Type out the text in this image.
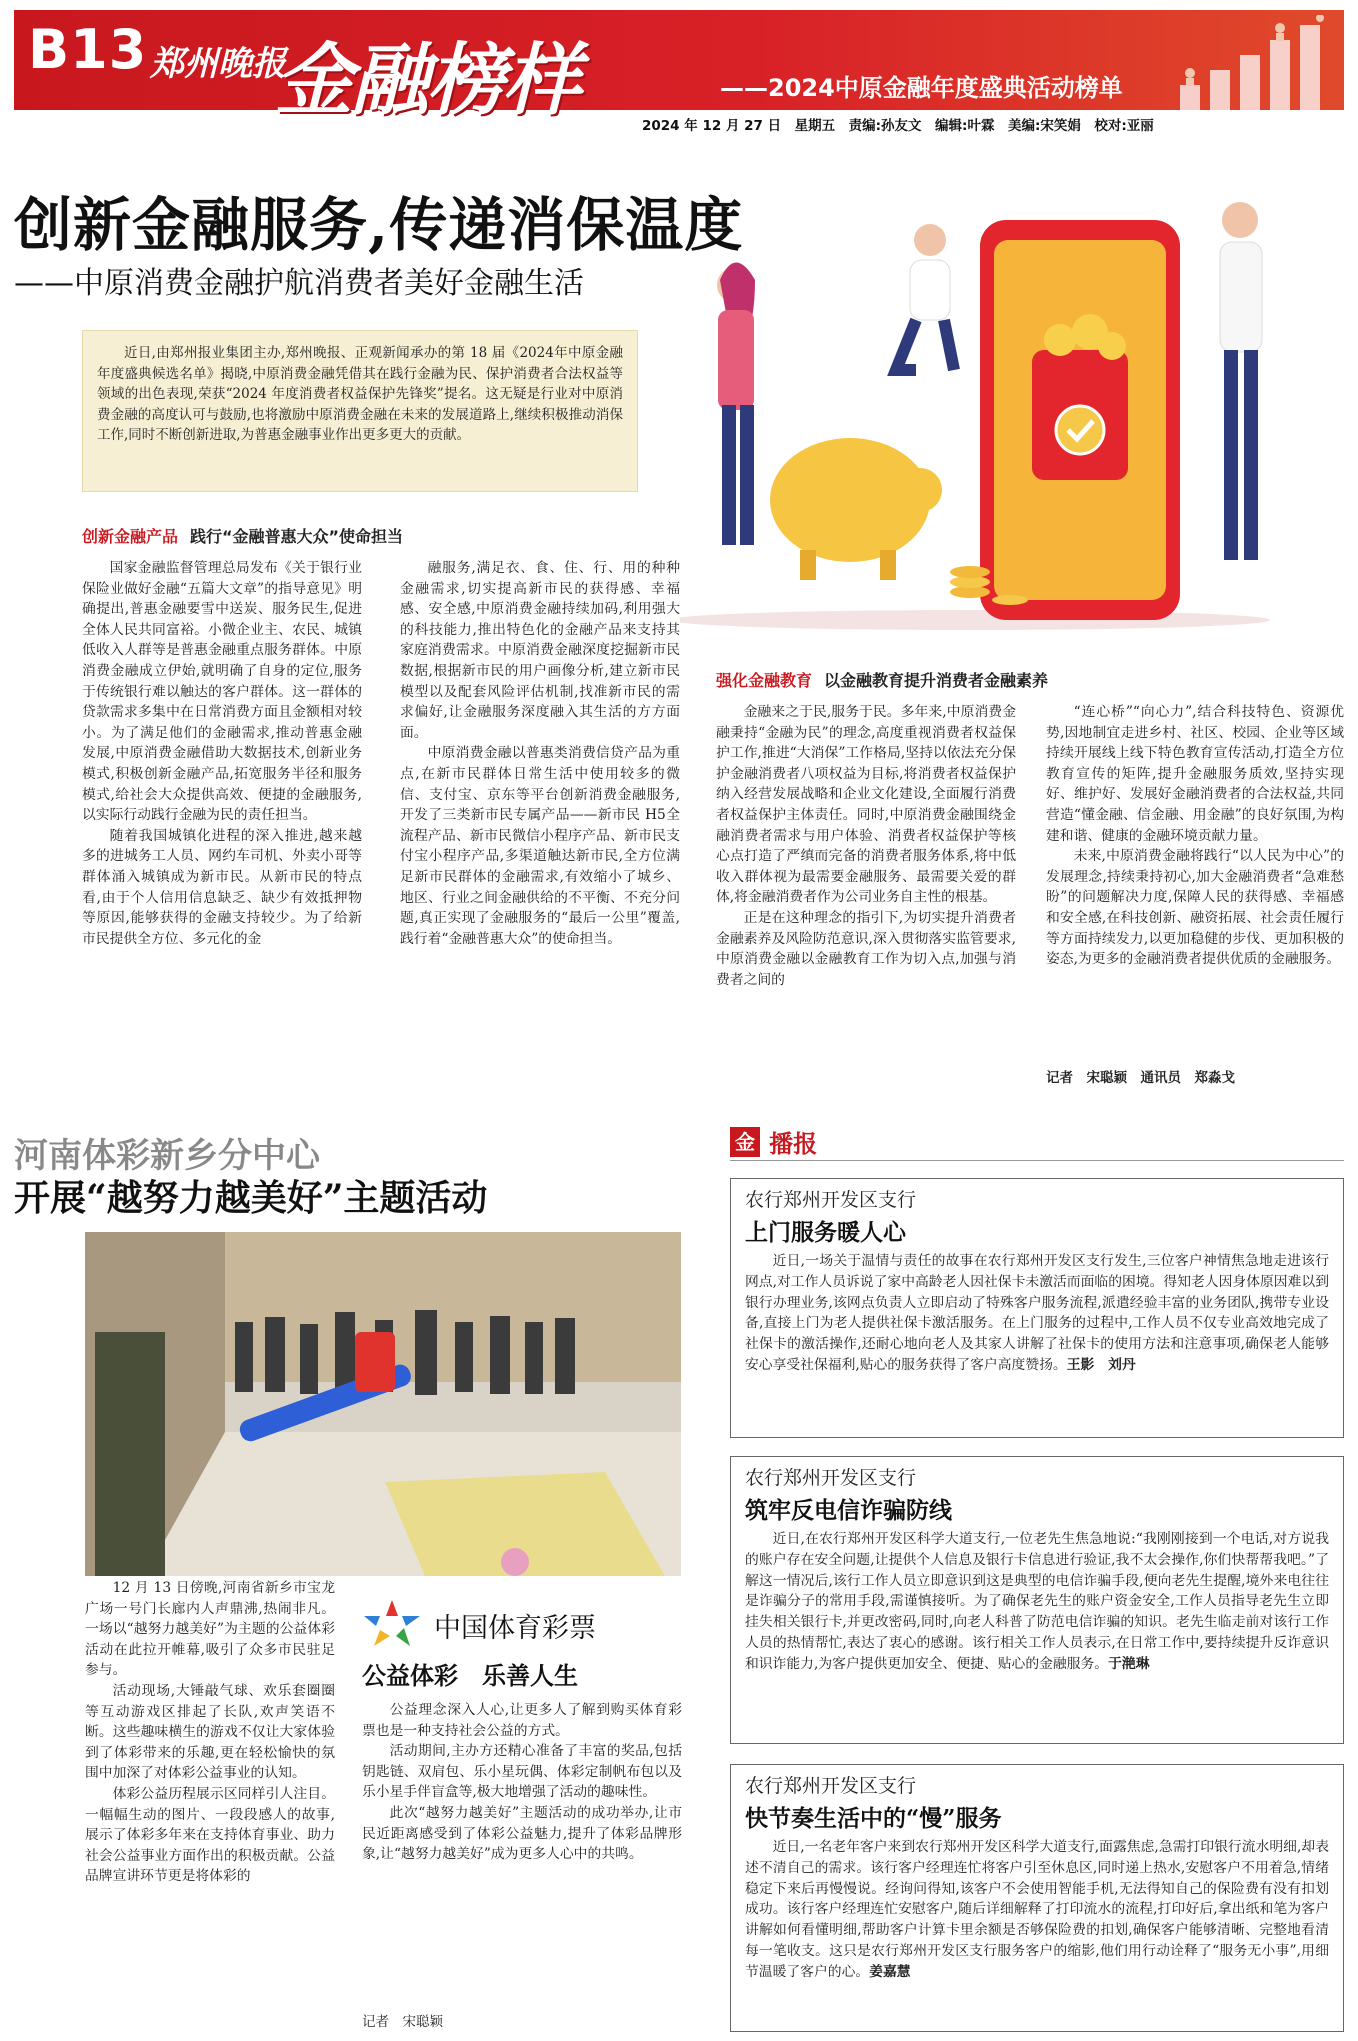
B13 郑州晚报
金融榜样	——2024中原金融年度盛典活动榜单
2024 年 12 月 27 日　星期五　责编:孙友文　编辑:叶霖　美编:宋笑娟　校对:亚丽
创新金融服务,传递消保温度
——中原消费金融护航消费者美好金融生活
近日,由郑州报业集团主办,郑州晚报、正观新闻承办的第 18 届《2024年中原金融年度盛典候选名单》揭晓,中原消费金融凭借其在践行金融为民、保护消费者合法权益等领域的出色表现,荣获“2024 年度消费者权益保护先锋奖”提名。这无疑是行业对中原消费金融的高度认可与鼓励,也将激励中原消费金融在未来的发展道路上,继续积极推动消保工作,同时不断创新进取,为普惠金融事业作出更多更大的贡献。
创新金融产品 践行“金融普惠大众”使命担当

国家金融监督管理总局发布《关于银行业保险业做好金融“五篇大文章”的指导意见》明确提出,普惠金融要雪中送炭、服务民生,促进全体人民共同富裕。小微企业主、农民、城镇低收入人群等是普惠金融重点服务群体。中原消费金融成立伊始,就明确了自身的定位,服务于传统银行难以触达的客户群体。这一群体的贷款需求多集中在日常消费方面且金额相对较小。为了满足他们的金融需求,推动普惠金融发展,中原消费金融借助大数据技术,创新业务模式,积极创新金融产品,拓宽服务半径和服务模式,给社会大众提供高效、便捷的金融服务,以实际行动践行金融为民的责任担当。

随着我国城镇化进程的深入推进,越来越多的进城务工人员、网约车司机、外卖小哥等群体涌入城镇成为新市民。从新市民的特点看,由于个人信用信息缺乏、缺少有效抵押物等原因,能够获得的金融支持较少。为了给新市民提供全方位、多元化的金

融服务,满足衣、食、住、行、用的种种金融需求,切实提高新市民的获得感、幸福感、安全感,中原消费金融持续加码,利用强大的科技能力,推出特色化的金融产品来支持其家庭消费需求。中原消费金融深度挖掘新市民数据,根据新市民的用户画像分析,建立新市民模型以及配套风险评估机制,找准新市民的需求偏好,让金融服务深度融入其生活的方方面面。

中原消费金融以普惠类消费信贷产品为重点,在新市民群体日常生活中使用较多的微信、支付宝、京东等平台创新消费金融服务,开发了三类新市民专属产品——新市民 H5全流程产品、新市民微信小程序产品、新市民支付宝小程序产品,多渠道触达新市民,全方位满足新市民群体的金融需求,有效缩小了城乡、地区、行业之间金融供给的不平衡、不充分问题,真正实现了金融服务的“最后一公里”覆盖,践行着“金融普惠大众”的使命担当。

强化金融教育 以金融教育提升消费者金融素养

金融来之于民,服务于民。多年来,中原消费金融秉持“金融为民”的理念,高度重视消费者权益保护工作,推进“大消保”工作格局,坚持以依法充分保护金融消费者八项权益为目标,将消费者权益保护纳入经营发展战略和企业文化建设,全面履行消费者权益保护主体责任。同时,中原消费金融围绕金融消费者需求与用户体验、消费者权益保护等核心点打造了严缜而完备的消费者服务体系,将中低收入群体视为最需要金融服务、最需要关爱的群体,将金融消费者作为公司业务自主性的根基。

正是在这种理念的指引下,为切实提升消费者金融素养及风险防范意识,深入贯彻落实监管要求,中原消费金融以金融教育工作为切入点,加强与消费者之间的

“连心桥”“向心力”,结合科技特色、资源优势,因地制宜走进乡村、社区、校园、企业等区域持续开展线上线下特色教育宣传活动,打造全方位教育宣传的矩阵,提升金融服务质效,坚持实现好、维护好、发展好金融消费者的合法权益,共同营造“懂金融、信金融、用金融”的良好氛围,为构建和谐、健康的金融环境贡献力量。

未来,中原消费金融将践行“以人民为中心”的发展理念,持续秉持初心,加大金融消费者“急难愁盼”的问题解决力度,保障人民的获得感、幸福感和安全感,在科技创新、融资拓展、社会责任履行等方面持续发力,以更加稳健的步伐、更加积极的姿态,为更多的金融消费者提供优质的金融服务。

记者　宋聪颖　通讯员　郑淼戈
河南体彩新乡分中心
开展“越努力越美好”主题活动

12 月 13 日傍晚,河南省新乡市宝龙广场一号门长廊内人声鼎沸,热闹非凡。一场以“越努力越美好”为主题的公益体彩活动在此拉开帷幕,吸引了众多市民驻足参与。

活动现场,大锤敲气球、欢乐套圈圈等互动游戏区排起了长队,欢声笑语不断。这些趣味横生的游戏不仅让大家体验到了体彩带来的乐趣,更在轻松愉快的氛围中加深了对体彩公益事业的认知。

体彩公益历程展示区同样引人注目。一幅幅生动的图片、一段段感人的故事,展示了体彩多年来在支持体育事业、助力社会公益事业方面作出的积极贡献。公益品牌宣讲环节更是将体彩的

中国体育彩票
公益体彩　乐善人生

公益理念深入人心,让更多人了解到购买体育彩票也是一种支持社会公益的方式。

活动期间,主办方还精心准备了丰富的奖品,包括钥匙链、双肩包、乐小星玩偶、体彩定制帆布包以及乐小星手伴盲盒等,极大地增强了活动的趣味性。

此次“越努力越美好”主题活动的成功举办,让市民近距离感受到了体彩公益魅力,提升了体彩品牌形象,让“越努力越美好”成为更多人心中的共鸣。

记者　宋聪颖
金 播报
农行郑州开发区支行
上门服务暖人心
近日,一场关于温情与责任的故事在农行郑州开发区支行发生,三位客户神情焦急地走进该行网点,对工作人员诉说了家中高龄老人因社保卡未激活而面临的困境。得知老人因身体原因难以到银行办理业务,该网点负责人立即启动了特殊客户服务流程,派遣经验丰富的业务团队,携带专业设备,直接上门为老人提供社保卡激活服务。在上门服务的过程中,工作人员不仅专业高效地完成了社保卡的激活操作,还耐心地向老人及其家人讲解了社保卡的使用方法和注意事项,确保老人能够安心享受社保福利,贴心的服务获得了客户高度赞扬。王影　刘丹
农行郑州开发区支行
筑牢反电信诈骗防线
近日,在农行郑州开发区科学大道支行,一位老先生焦急地说:“我刚刚接到一个电话,对方说我的账户存在安全问题,让提供个人信息及银行卡信息进行验证,我不太会操作,你们快帮帮我吧。”了解这一情况后,该行工作人员立即意识到这是典型的电信诈骗手段,便向老先生提醒,境外来电往往是诈骗分子的常用手段,需谨慎接听。为了确保老先生的账户资金安全,工作人员指导老先生立即挂失相关银行卡,并更改密码,同时,向老人科普了防范电信诈骗的知识。老先生临走前对该行工作人员的热情帮忙,表达了衷心的感谢。该行相关工作人员表示,在日常工作中,要持续提升反诈意识和识诈能力,为客户提供更加安全、便捷、贴心的金融服务。于滟琳
农行郑州开发区支行
快节奏生活中的“慢”服务
近日,一名老年客户来到农行郑州开发区科学大道支行,面露焦虑,急需打印银行流水明细,却表述不清自己的需求。该行客户经理连忙将客户引至休息区,同时递上热水,安慰客户不用着急,情绪稳定下来后再慢慢说。经询问得知,该客户不会使用智能手机,无法得知自己的保险费有没有扣划成功。该行客户经理连忙安慰客户,随后详细解释了打印流水的流程,打印好后,拿出纸和笔为客户讲解如何看懂明细,帮助客户计算卡里余额是否够保险费的扣划,确保客户能够清晰、完整地看清每一笔收支。这只是农行郑州开发区支行服务客户的缩影,他们用行动诠释了“服务无小事”,用细节温暖了客户的心。姜嘉慧
